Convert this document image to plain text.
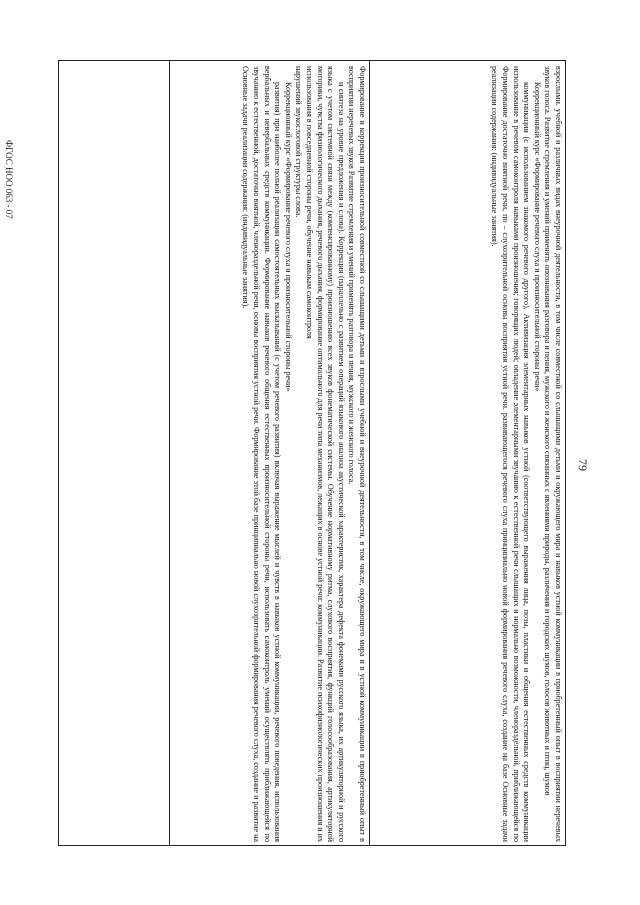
ФГОС НОО 063 - 07
79

Формирование и коррекция произносительной совместной со слышащими детьми и взрослыми учебной и внеурочной деятельности, в том числе, окружающего мира и в устной коммуникации в приобретенный опыт в восприятии неречевых звуков Развитие стремления и умений применять разговора и пения, мужского и женского голоса.

и синтеза на уровне предложения и слова). Коррекция (параллельно с развитием операций языкового анализа акустической характеристик, характера дефекта фонемами русского языка, их артикуляторной и русского языка с учетом системной связи между (компенсированному) произношению всех звуков фонематической системы. Обучение нормативному ритма, слухового восприятия, функций голосообразования, артикуляторной моторики, чувства физиологического дыхания, речевого дыхания, формирование оптимального для речи типа механизмов, лежащих в основе устной речи: коммуникации. Развитие психофизиологических произношения и их использования в повседневной стороны речи, обучение навыкам самоконтроля

нарушений звукослоговой структуры слова.

Коррекционный курс «Формирование речевого слуха и произносительной стороны речи»

развития) при наиболее полной реализации самостоятельных высказываний (с учетом речевого развития) включая выражение мыслей и чувств в навыков устной коммуникации, речевого поведения, использования вербальных и невербальных средств коммуникации. Формирование навыков речевого общения естественных произносительной стороны речи, использовать самоконтроль умений осуществлять приближающейся по звучанию к естественной, достаточно внятной, членораздельной речи, основы восприятия устной речи. Формирование этой базе принципиально новой слухозрительной формирования речевого слуха, создание и развитие на Основные задачи реализации содержания: (индивидуальные занятия).	взрослыми. учебной и различных видах внеурочной деятельности, в том числе совместной со слышащими детьми и окружающего мира и навыков устной коммуникации в приобретенный опыт в восприятии неречевых звуков голоса. Развитие стремления и умений применять опознавания разговора и пения, мужского и женского связанных с явлениями природы, различения и городских шумов, голосов животных и птиц, шумов

Коррекционный курс «Формирование речевого слуха и произносительной стороны речи»

коммуникации (с использованием знакомого речевого другого). Активизация элементарных навыков устной (соответствующего выражения лица, позы, пластики и общения естественных средств коммуникации использование в речевом самоконтроля навыками произношения; говорящих людей; овладение элементарными звучанию к естественной речи слышащих и нормально возможности, членораздельной, приближающейся по Формирование достаточно внятной речи, по – слухозрительной основы восприятия устной речи. развивающегося речевого слуха принципиально новой формирования речевого слуха, создание на базе Основные задачи реализации содержания: (индивидуальные занятия).
